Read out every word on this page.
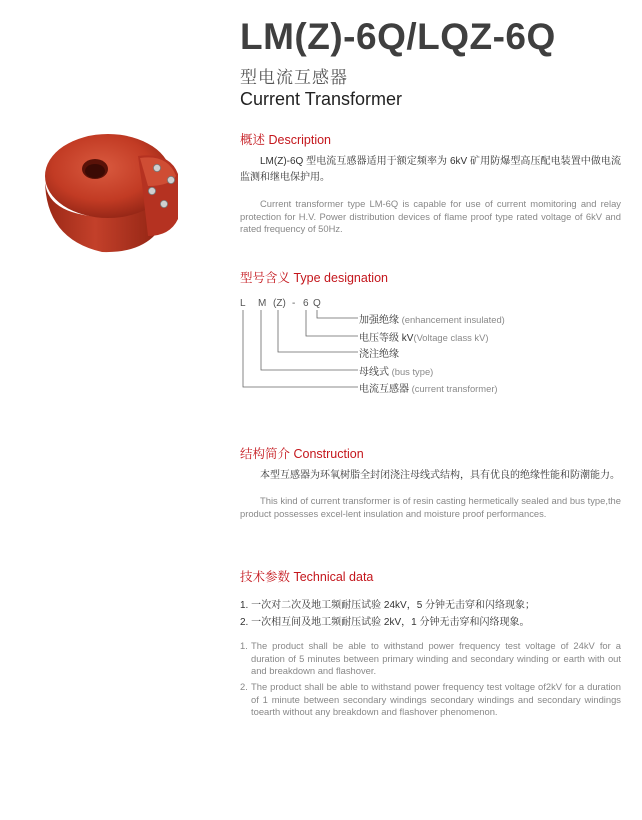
LM(Z)-6Q/LQZ-6Q
型电流互感器
Current Transformer
概述 Description
LM(Z)-6Q 型电流互感器适用于额定频率为 6kV 矿用防爆型高压配电装置中做电流监测和继电保护用。
Current transformer type LM-6Q is capable for use of current momitoring and relay protection for H.V. Power distribution devices of flame proof type rated voltage of 6kV and rated frequency of 50Hz.
型号含义 Type designation
L M (Z) - 6 Q
加强绝缘 (enhancement insulated)
电压等级 kV(Voltage class kV)
浇注绝缘
母线式 (bus type)
电流互感器 (current transformer)
结构简介 Construction
本型互感器为环氧树脂全封闭浇注母线式结构，具有优良的绝缘性能和防潮能力。
This kind of current transformer is of resin casting hermetically sealed and bus type,the product possesses excel-lent insulation and moisture proof performances.
技术参数 Technical data
1. 一次对二次及地工频耐压试验 24kV，5 分钟无击穿和闪络现象；
2. 一次相互间及地工频耐压试验 2kV，1 分钟无击穿和闪络现象。
1. The product shall be able to withstand power frequency test voltage of 24kV for a duration of 5 minutes between primary winding and secondary winding or earth with out and breakdown and flashover.
2. The product shall be able to withstand power frequency test voltage of2kV for a duration of 1 minute between secondary windings secondary windings and secondary windings toearth without any breakdown and flashover phenomenon.
